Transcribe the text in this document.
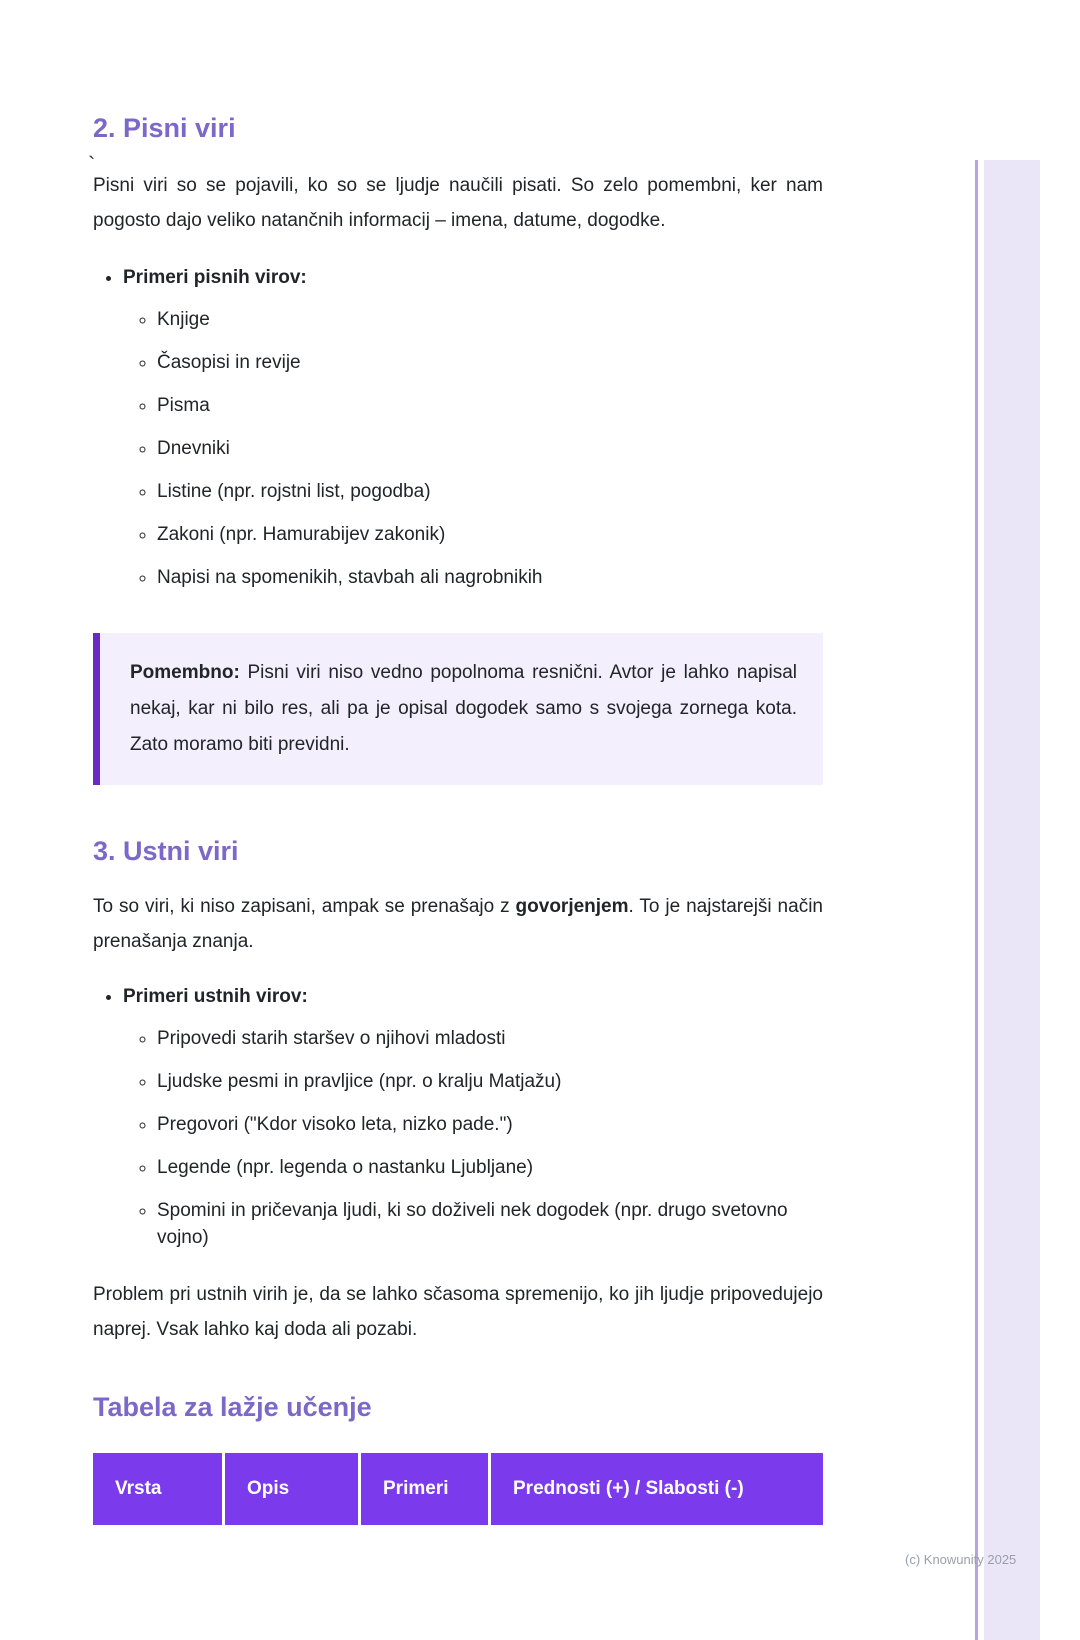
`
2. Pisni viri

Pisni viri so se pojavili, ko so se ljudje naučili pisati. So zelo pomembni, ker nam pogosto dajo veliko natančnih informacij – imena, datume, dogodke.

• Primeri pisnih virov:
◦ Knjige
◦ Časopisi in revije
◦ Pisma
◦ Dnevniki
◦ Listine (npr. rojstni list, pogodba)
◦ Zakoni (npr. Hamurabijev zakonik)
◦ Napisi na spomenikih, stavbah ali nagrobnikih
Pomembno: Pisni viri niso vedno popolnoma resnični. Avtor je lahko napisal nekaj, kar ni bilo res, ali pa je opisal dogodek samo s svojega zornega kota. Zato moramo biti previdni.
3. Ustni viri

To so viri, ki niso zapisani, ampak se prenašajo z govorjenjem. To je najstarejši način prenašanja znanja.

• Primeri ustnih virov:
◦ Pripovedi starih staršev o njihovi mladosti
◦ Ljudske pesmi in pravljice (npr. o kralju Matjažu)
◦ Pregovori ("Kdor visoko leta, nizko pade.")
◦ Legende (npr. legenda o nastanku Ljubljane)
◦ Spomini in pričevanja ljudi, ki so doživeli nek dogodek (npr. drugo svetovno vojno)

Problem pri ustnih virih je, da se lahko sčasoma spremenijo, ko jih ljudje pripovedujejo naprej. Vsak lahko kaj doda ali pozabi.

Tabela za lažje učenje
Vrsta	Opis	Primeri	Prednosti (+) / Slabosti (-)
(c) Knowunity 2025
